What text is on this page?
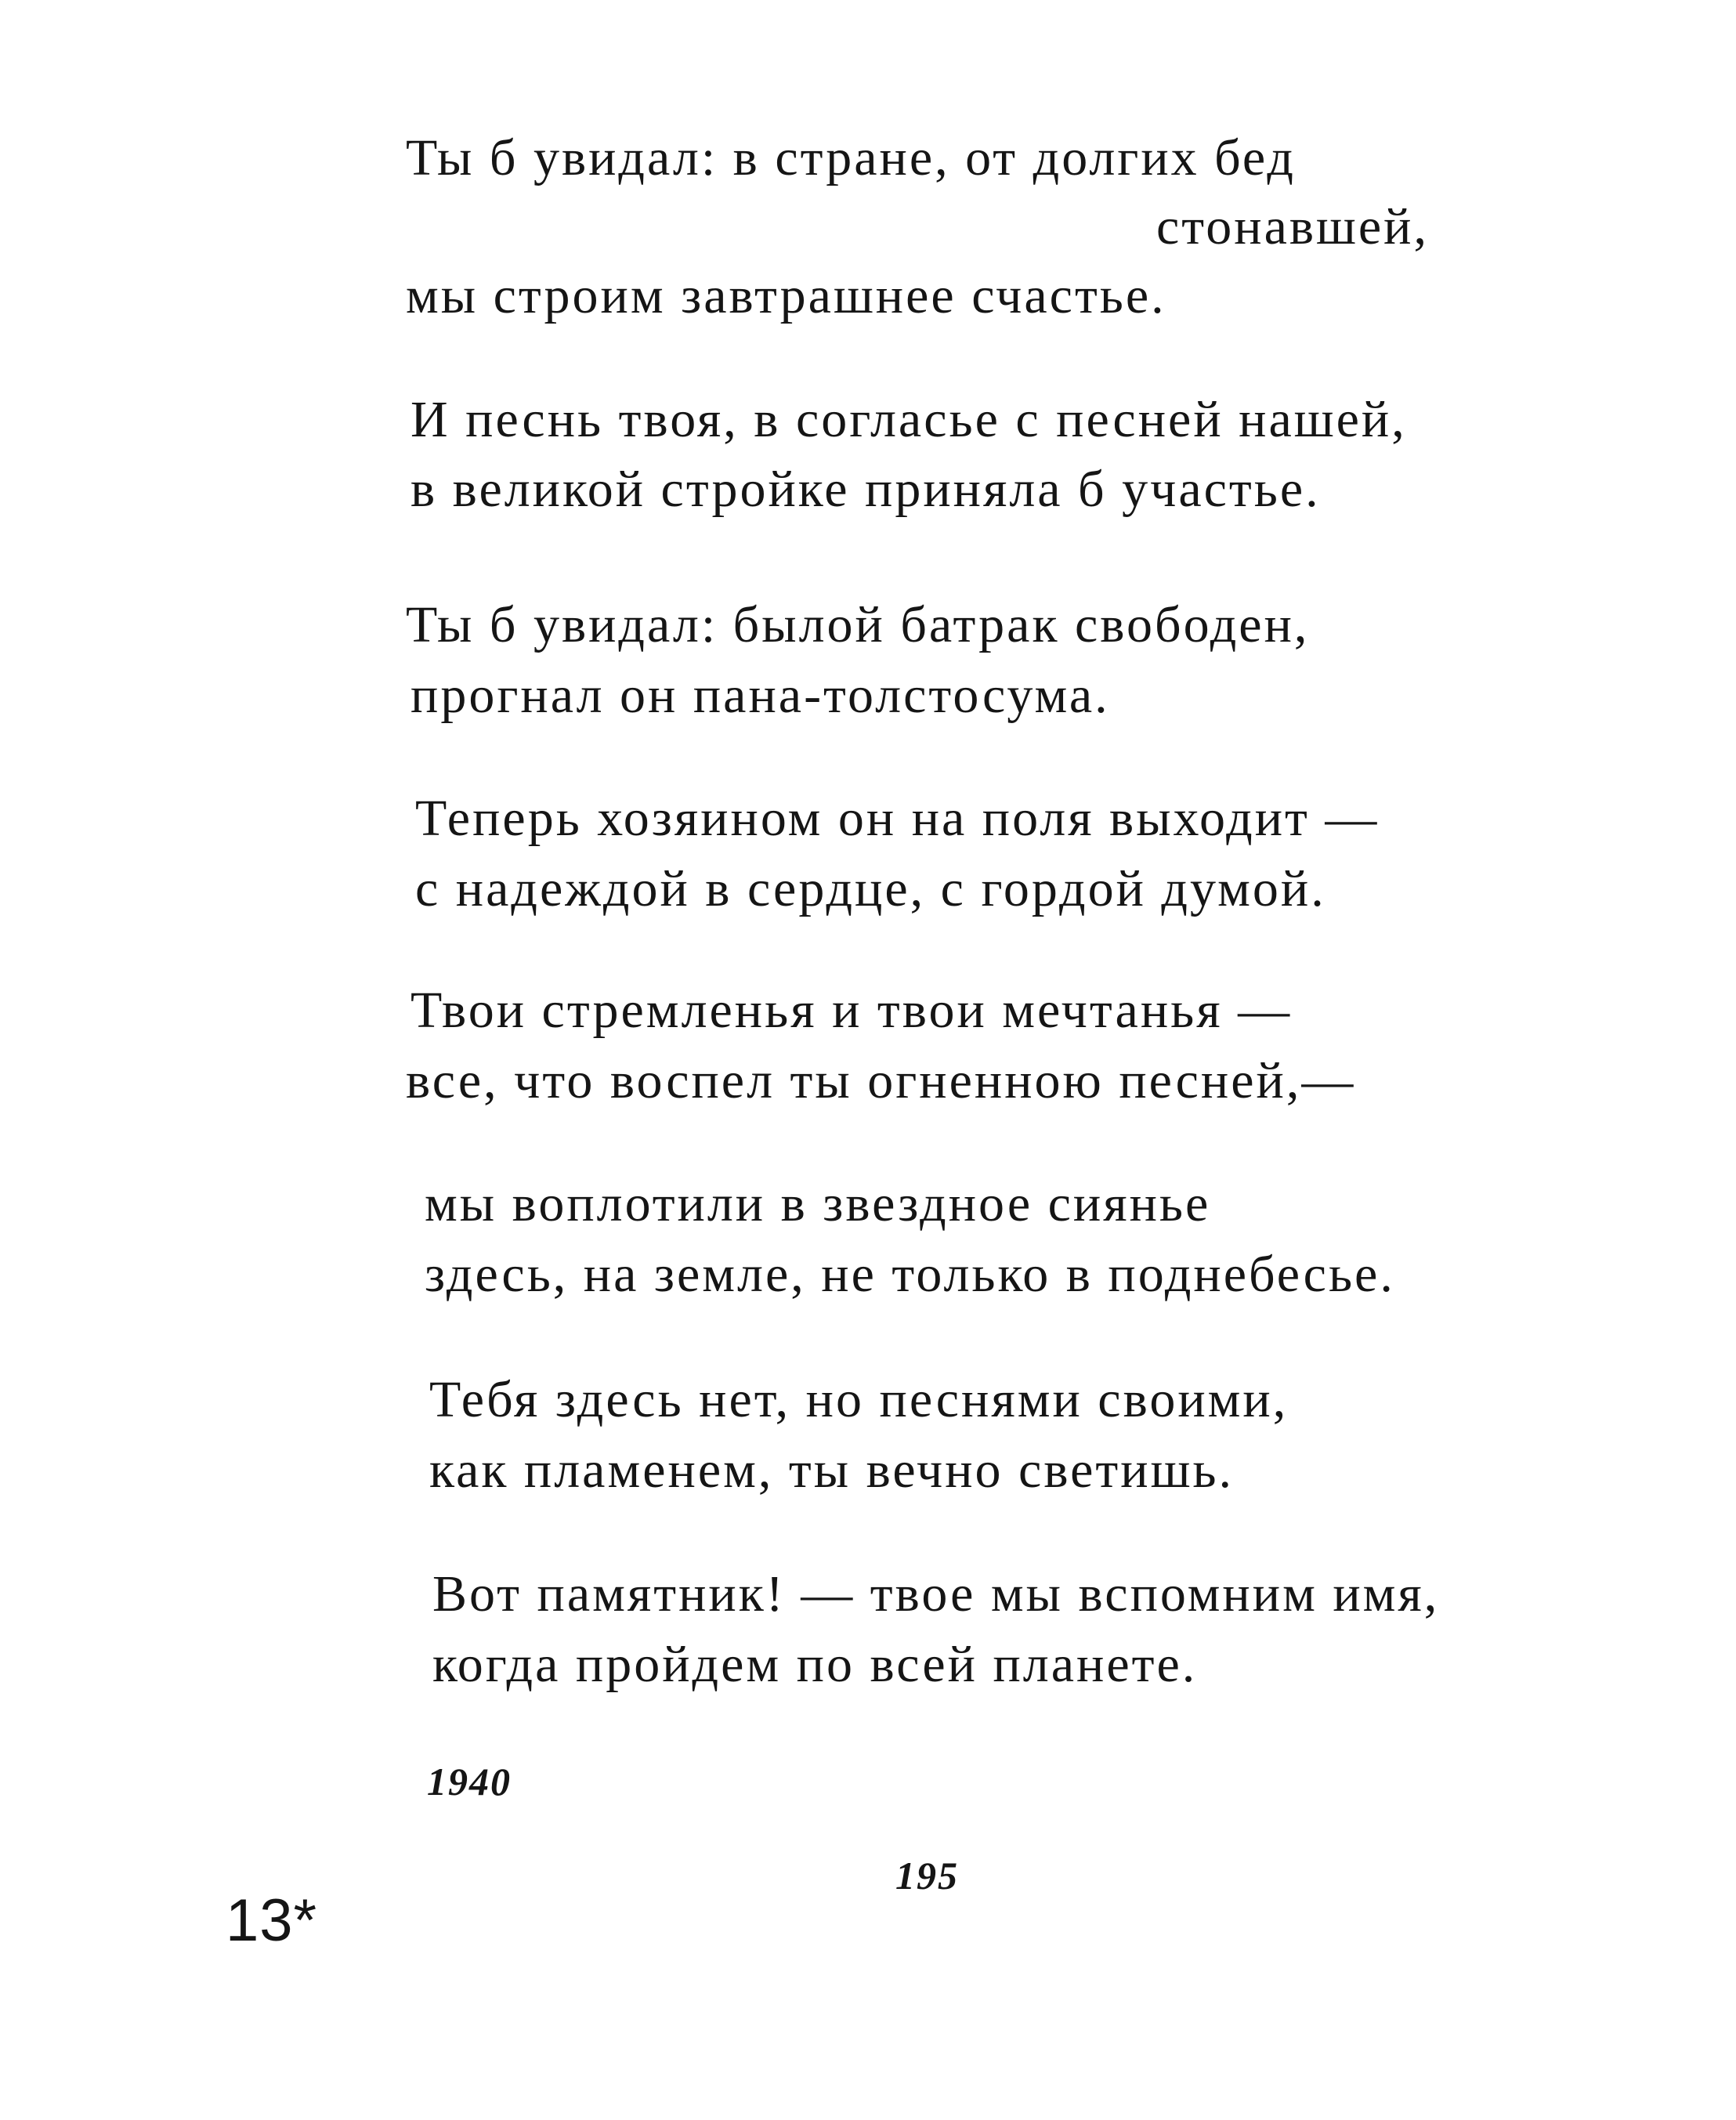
Ты б увидал: в стране, от долгих бед
стонавшей,
мы строим завтрашнее счастье.
И песнь твоя, в согласье с песней нашей,
в великой стройке приняла б участье.
Ты б увидал: былой батрак свободен,
прогнал он пана-толстосума.
Теперь хозяином он на поля выходит —
с надеждой в сердце, с гордой думой.
Твои стремленья и твои мечтанья —
все, что воспел ты огненною песней,—
мы воплотили в звездное сиянье
здесь, на земле, не только в поднебесье.
Тебя здесь нет, но песнями своими,
как пламенем, ты вечно светишь.
Вот памятник! — твое мы вспомним имя,
когда пройдем по всей планете.
1940
195
13*
